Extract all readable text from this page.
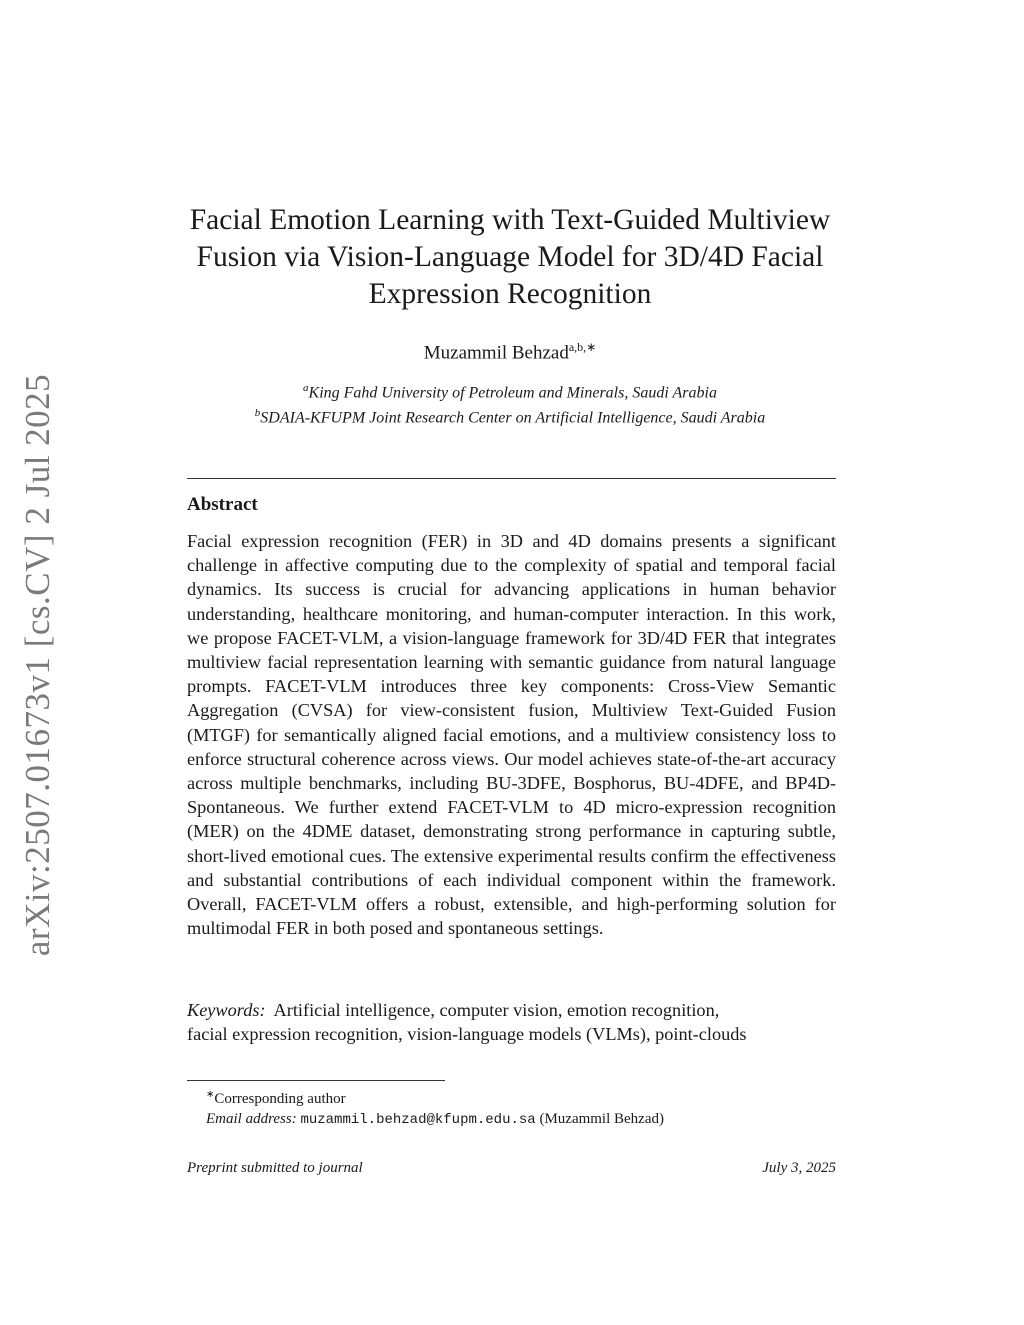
arXiv:2507.01673v1 [cs.CV] 2 Jul 2025
Facial Emotion Learning with Text-Guided Multiview
Fusion via Vision-Language Model for 3D/4D Facial
Expression Recognition
Muzammil Behzad$^{a,b,∗}$
$^a$King Fahd University of Petroleum and Minerals, Saudi Arabia
$^b$SDAIA-KFUPM Joint Research Center on Artificial Intelligence, Saudi Arabia
Abstract

Facial expression recognition (FER) in 3D and 4D domains presents a significant challenge in affective computing due to the complexity of spatial and temporal facial dynamics. Its success is crucial for advancing applications in human behavior understanding, healthcare monitoring, and human-computer interaction. In this work, we propose FACET-VLM, a vision-language framework for 3D/4D FER that integrates multiview facial representation learning with semantic guidance from natural language prompts. FACET-VLM introduces three key components: Cross-View Semantic Aggregation (CVSA) for view-consistent fusion, Multiview Text-Guided Fusion (MTGF) for semantically aligned facial emotions, and a multiview consistency loss to enforce structural coherence across views. Our model achieves state-of-the-art accuracy across multiple benchmarks, including BU-3DFE, Bosphorus, BU-4DFE, and BP4D-Spontaneous. We further extend FACET-VLM to 4D micro-expression recognition (MER) on the 4DME dataset, demonstrating strong performance in capturing subtle, short-lived emotional cues. The extensive experimental results confirm the effectiveness and substantial contributions of each individual component within the framework. Overall, FACET-VLM offers a robust, extensible, and high-performing solution for multimodal FER in both posed and spontaneous settings.

Keywords: Artificial intelligence, computer vision, emotion recognition,
facial expression recognition, vision-language models (VLMs), point-clouds
∗Corresponding author
Email address: muzammil.behzad@kfupm.edu.sa (Muzammil Behzad)
Preprint submitted to journal	July 3, 2025
